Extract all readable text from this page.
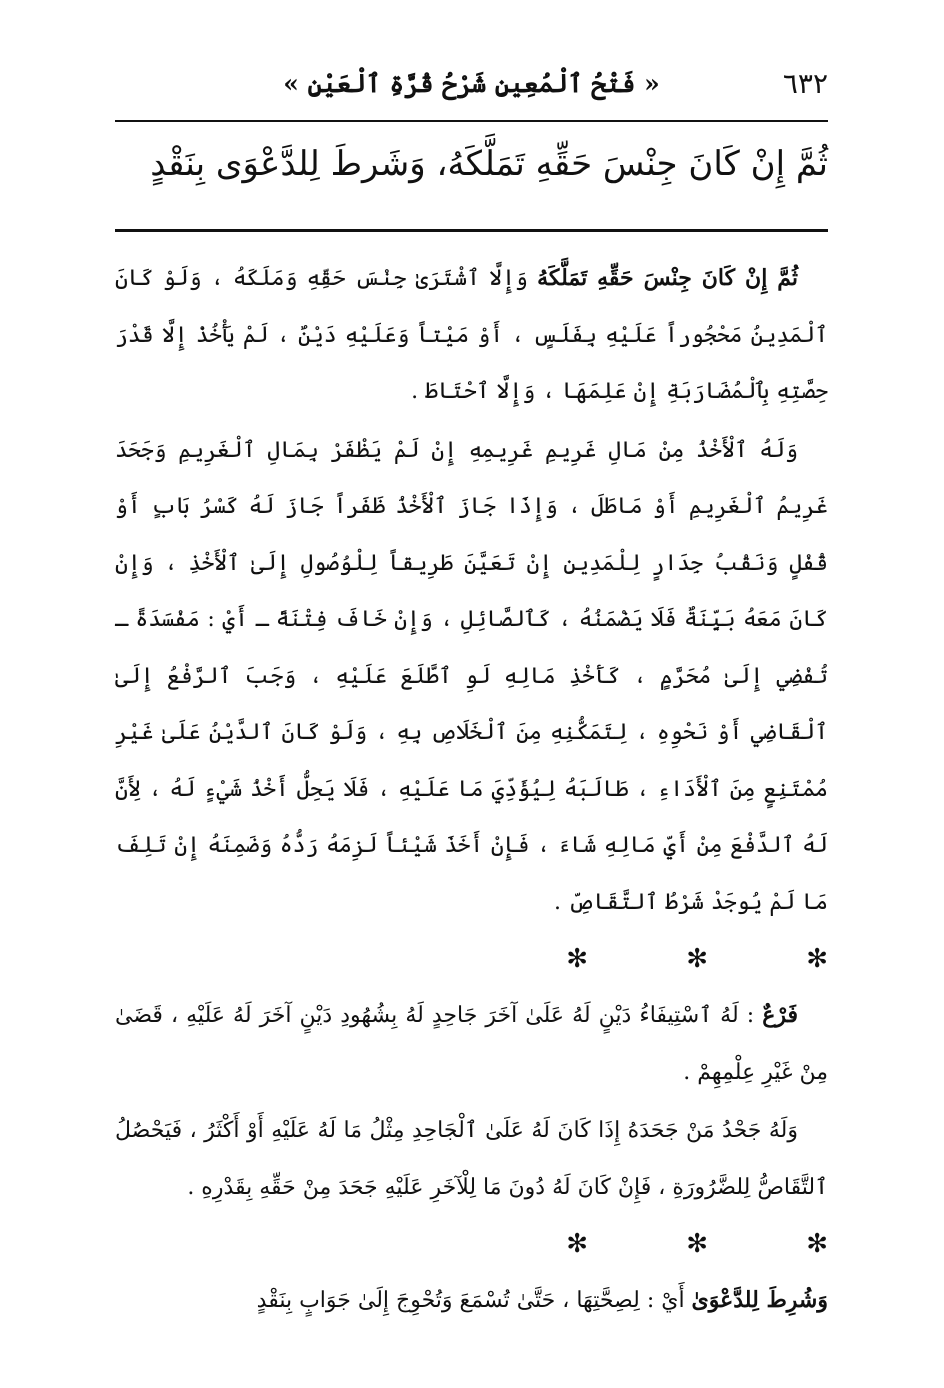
٦٣٢
« فَتْحُ ٱلْمُعِينِ شَرْحُ قُرَّةِ ٱلْعَيْنِ »
ثُمَّ إِنْ كَانَ جِنْسَ حَقِّهِ تَمَلَّكَهُ، وَشَرطَ لِلدَّعْوَى بِنَقْدٍ

ثُمَّ إِنْ كَانَ جِنْسَ حَقِّهِ تَمَلَّكَهُ وَإِلَّا ٱشْتَرَىٰ جِنْسَ حَقِّهِ وَمَلَكَهُ ، وَلَوْ كَانَ ٱلْمَدِينُ مَحْجُوراً عَلَيْهِ بِفَلَسٍ ، أَوْ مَيْتاً وَعَلَيْهِ دَيْنٌ ، لَمْ يَأْخُذْ إِلَّا قَدْرَ حِصَّتِهِ بِٱلْمُضَارَبَةِ إِنْ عَلِمَهَا ، وَإِلَّا ٱحْتَاطَ .

وَلَهُ ٱلْأَخْذُ مِنْ مَالِ غَرِيمِ غَرِيمِهِ إِنْ لَمْ يَظْفَرْ بِمَالِ ٱلْغَرِيمِ وَجَحَدَ غَرِيمُ ٱلْغَرِيمِ أَوْ مَاطَلَ ، وَإِذَا جَازَ ٱلْأَخْذُ ظَفَراً جَازَ لَهُ كَسْرُ بَابٍ أَوْ قُفْلٍ وَنَقْبُ جِدَارٍ لِلْمَدِينِ إِنْ تَعَيَّنَ طَرِيقاً لِلْوُصُولِ إِلَىٰ ٱلْأَخْذِ ، وَإِنْ كَانَ مَعَهُ بَيِّنَةٌ فَلَا يَضْمَنُهُ ، كَٱلصَّائِلِ ، وَإِنْ خَافَ فِتْنَةً ـ أَيْ : مَفْسَدَةً ـ تُفْضِي إِلَىٰ مُحَرَّمٍ ، كَأَخْذِ مَالِهِ لَوِ ٱطَّلَعَ عَلَيْهِ ، وَجَبَ ٱلرَّفْعُ إِلَىٰ ٱلْقَاضِي أَوْ نَحْوِهِ ، لِتَمَكُّنِهِ مِنَ ٱلْخَلَاصِ بِهِ ، وَلَوْ كَانَ ٱلدَّيْنُ عَلَىٰ غَيْرِ مُمْتَنِعٍ مِنَ ٱلْأَدَاءِ ، طَالَبَهُ لِيُؤَدِّيَ مَا عَلَيْهِ ، فَلَا يَحِلُّ أَخْذُ شَيْءٍ لَهُ ، لِأَنَّ لَهُ ٱلدَّفْعَ مِنْ أَيِّ مَالِهِ شَاءَ ، فَإِنْ أَخَذَ شَيْئاً لَزِمَهُ رَدُّهُ وَضَمِنَهُ إِنْ تَلِفَ مَا لَمْ يُوجَدْ شَرْطُ ٱلتَّقَاصِّ .

✻	✻	✻

فَرْعٌ : لَهُ ٱسْتِيفَاءُ دَيْنٍ لَهُ عَلَىٰ آخَرَ جَاحِدٍ لَهُ بِشُهُودِ دَيْنٍ آخَرَ لَهُ عَلَيْهِ ، قَضَىٰ مِنْ غَيْرِ عِلْمِهِمْ .

وَلَهُ جَحْدُ مَنْ جَحَدَهُ إِذَا كَانَ لَهُ عَلَىٰ ٱلْجَاحِدِ مِثْلُ مَا لَهُ عَلَيْهِ أَوْ أَكْثَرُ ، فَيَحْصُلُ ٱلتَّقَاصُّ لِلضَّرُورَةِ ، فَإِنْ كَانَ لَهُ دُونَ مَا لِلْآخَرِ عَلَيْهِ جَحَدَ مِنْ حَقِّهِ بِقَدْرِهِ .

✻	✻	✻

وَشُرِطَ لِلدَّعْوَىٰ أَيْ : لِصِحَّتِهَا ، حَتَّىٰ تُسْمَعَ وَتُحْوِجَ إِلَىٰ جَوَابٍ بِنَقْدٍ
